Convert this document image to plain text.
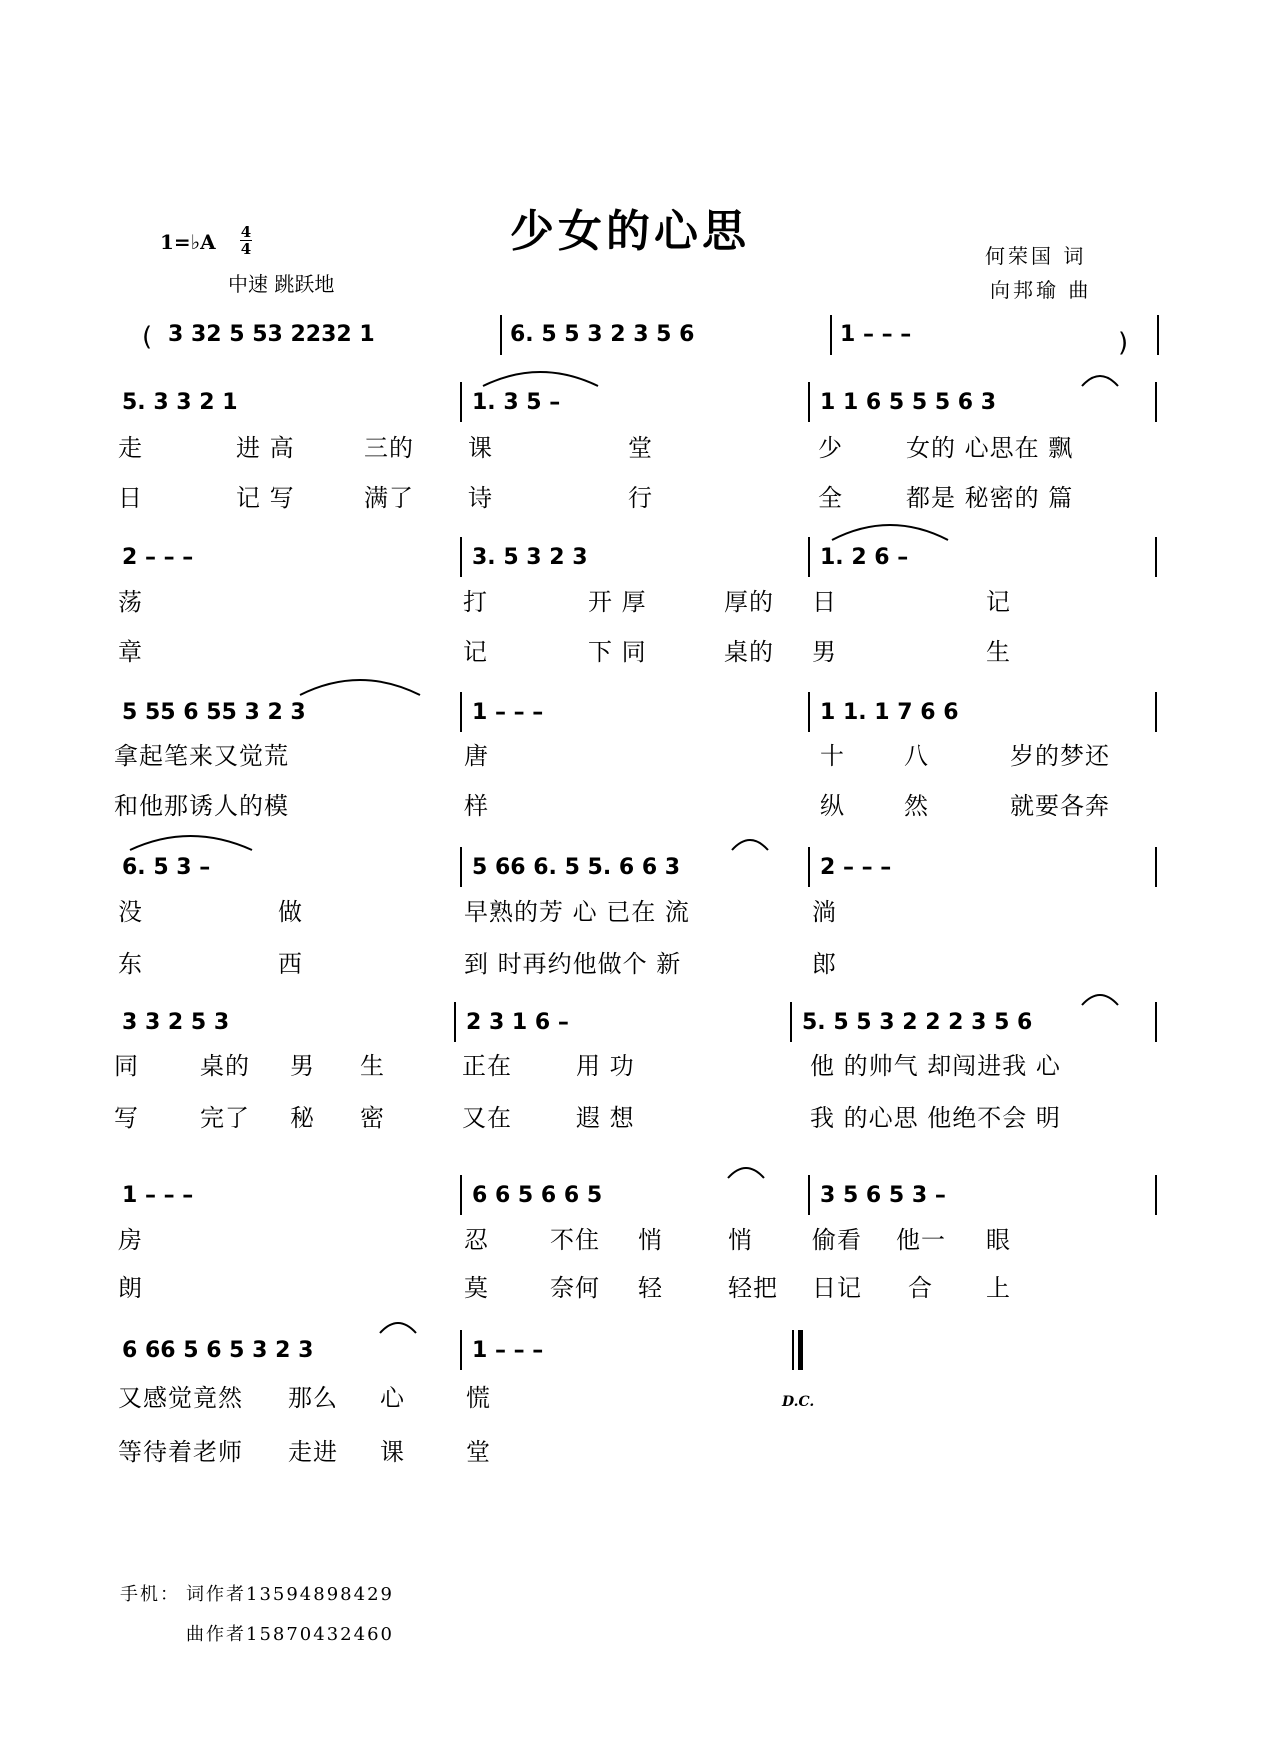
少女的心思
1=♭A 4
4
中速 跳跃地
何荣国 词
向邦瑜 曲
( 3 32 5 53 2232 1	6. 5 5 3 2 3 5 6	1 – – –	)
5. 3 3 2 1	1. 3 5 –	1 1 6 5 5 5 6 3
走	进 高	三的 课	堂	少	女的 心思在 飘
日	记 写	满了 诗	行	全	都是 秘密的 篇
2 – – –	3. 5 3 2 3	1. 2 6 –
荡	打	开 厚	厚的 日	记
章	记	下 同	桌的 男	生
5 55 6 55 3 2 3	1 – – –	1 1. 1 7 6 6
拿起笔来又觉荒	唐	十 八	岁的梦还
和他那诱人的模	样	纵 然	就要各奔
6. 5 3 –	5 66 6. 5 5. 6 6 3	2 – – –
没	做	早熟的芳 心 已在 流	淌
东	西	到 时再约他做个 新	郎
3 3 2 5 3	2 3 1 6 –	5. 5 5 3 2 2 2 3 5 6
同	桌的 男 生	正在	用 功	他 的帅气 却闯进我 心
写	完了 秘 密	又在	遐 想	我 的心思 他绝不会 明
1 – – –	6 6 5 6 6 5	3 5 6 5 3 –
房	忍	不住 悄	悄 偷看 他一 眼
朗	莫	奈何 轻	轻把 日记 合 上
6 66 5 6 5 3 2 3	1 – – –
D.C.
又感觉竟然 那么 心	慌
等待着老师 走进 课	堂
手机： 词作者13594898429
曲作者15870432460
